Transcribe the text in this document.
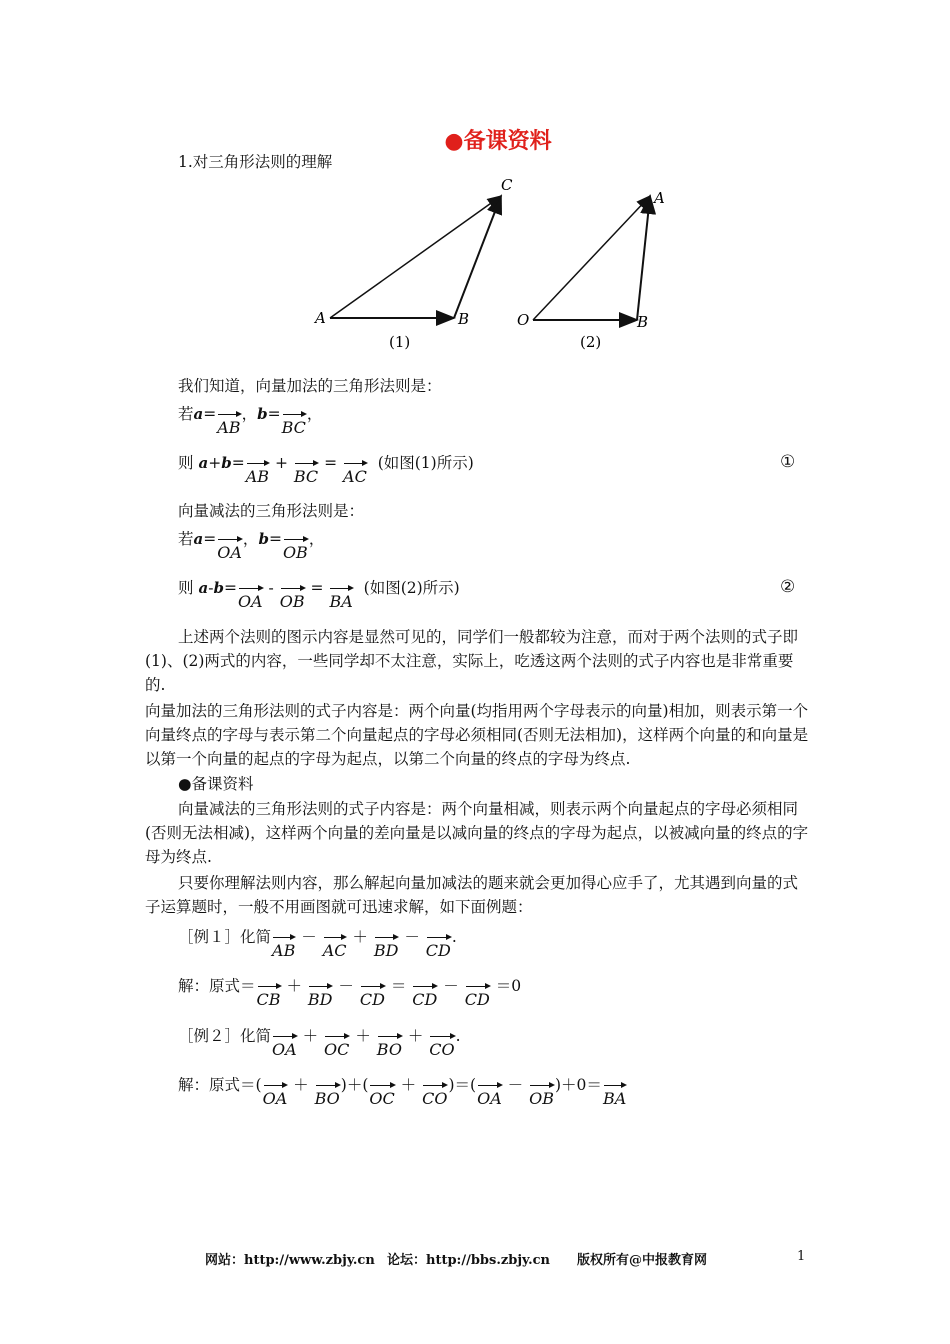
●备课资料
1.对三角形法则的理解
A	B
C
(1)
O	B
A
(2)
我们知道，向量加法的三角形法则是：
若a=AB，b=BC，
则 a+b=AB + BC = AC  (如图(1)所示)	①
向量减法的三角形法则是：
若a=OA，b=OB，
则 a-b=OA - OB = BA  (如图(2)所示)	②
上述两个法则的图示内容是显然可见的，同学们一般都较为注意，而对于两个法则的式子即(1)、(2)两式的内容，一些同学却不太注意，实际上，吃透这两个法则的式子内容也是非常重要的.
向量加法的三角形法则的式子内容是：两个向量(均指用两个字母表示的向量)相加，则表示第一个向量终点的字母与表示第二个向量起点的字母必须相同(否则无法相加)，这样两个向量的和向量是以第一个向量的起点的字母为起点，以第二个向量的终点的字母为终点.
●备课资料
向量减法的三角形法则的式子内容是：两个向量相减，则表示两个向量起点的字母必须相同(否则无法相减)，这样两个向量的差向量是以减向量的终点的字母为起点，以被减向量的终点的字母为终点.
只要你理解法则内容，那么解起向量加减法的题来就会更加得心应手了，尤其遇到向量的式子运算题时，一般不用画图就可迅速求解，如下面例题：
［例１］化简AB － AC ＋ BD － CD.
解：原式＝CB ＋ BD － CD ＝ CD － CD ＝0
［例２］化简OA ＋ OC ＋ BO ＋ CO.
解：原式＝(OA ＋ BO)＋(OC ＋ CO)＝(OA － OB)＋0＝BA
网站：http://www.zbjy.cn 论坛：http://bbs.zbjy.cn 版权所有@中报教育网	1
